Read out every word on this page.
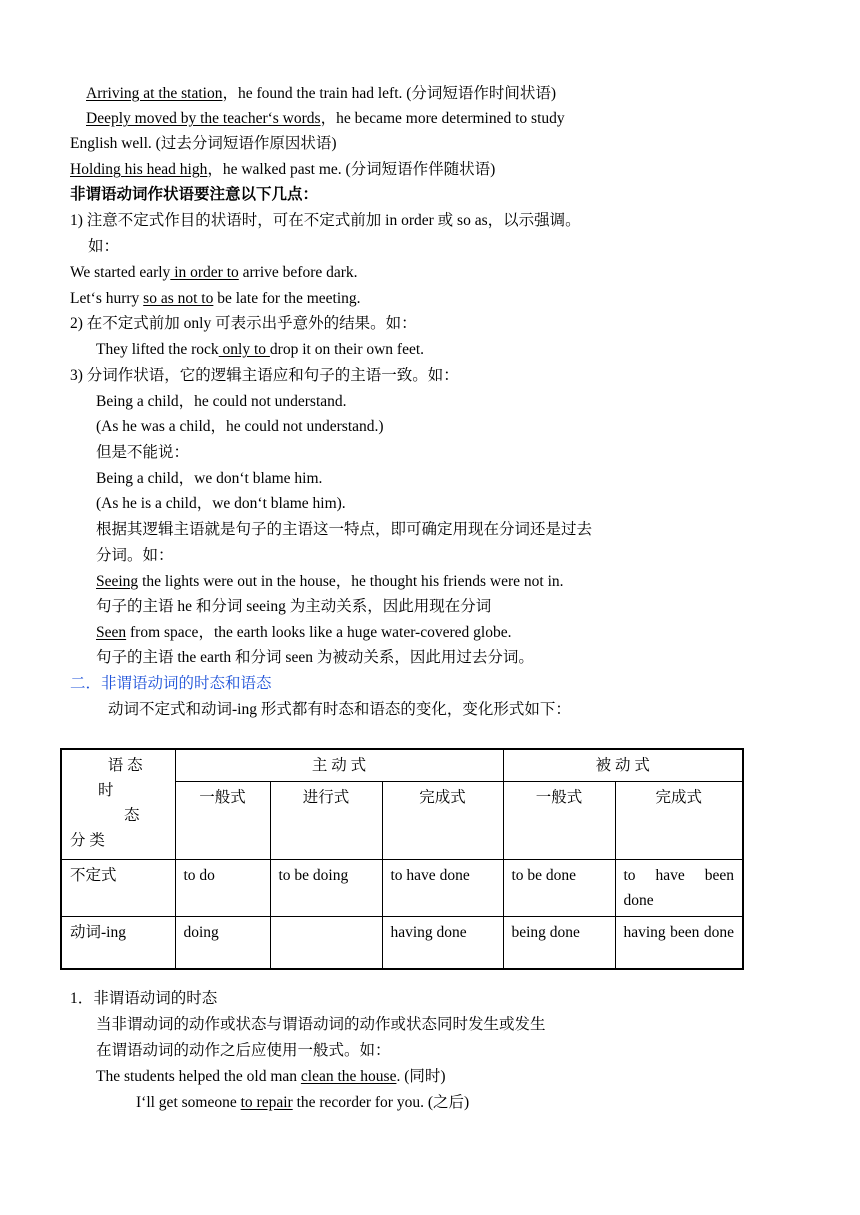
Arriving at the station，he found the train had left. (分词短语作时间状语)
Deeply moved by the teacher‘s words，he became more determined to study
English well. (过去分词短语作原因状语)
Holding his head high，he walked past me. (分词短语作伴随状语)
非谓语动词作状语要注意以下几点：
1) 注意不定式作目的状语时，可在不定式前加 in order 或 so as，以示强调。
如：
We started early in order to arrive before dark.
Let‘s hurry so as not to be late for the meeting.
2) 在不定式前加 only 可表示出乎意外的结果。如：
They lifted the rock only to drop it on their own feet.
3) 分词作状语，它的逻辑主语应和句子的主语一致。如：
Being a child，he could not understand.
(As he was a child，he could not understand.)
但是不能说：
Being a child，we don‘t blame him.
(As he is a child，we don‘t blame him).
根据其逻辑主语就是句子的主语这一特点，即可确定用现在分词还是过去
分词。如：
Seeing the lights were out in the house，he thought his friends were not in.
句子的主语 he 和分词 seeing 为主动关系，因此用现在分词
Seen from space，the earth looks like a huge water-covered globe.
句子的主语 the earth 和分词 seen 为被动关系，因此用过去分词。
二．非谓语动词的时态和语态
动词不定式和动词-ing 形式都有时态和语态的变化，变化形式如下：
语 态
时
态
分 类	主 动 式			被 动 式	
	一般式	进行式	完成式	一般式	完成式
不定式	to do	to be doing	to have done	to be done	to have been done
动词-ing	doing		having done	being done	having been done
1．非谓语动词的时态
当非谓动词的动作或状态与谓语动词的动作或状态同时发生或发生
在谓语动词的动作之后应使用一般式。如：
The students helped the old man clean the house. (同时)
I‘ll get someone to repair the recorder for you. (之后)
